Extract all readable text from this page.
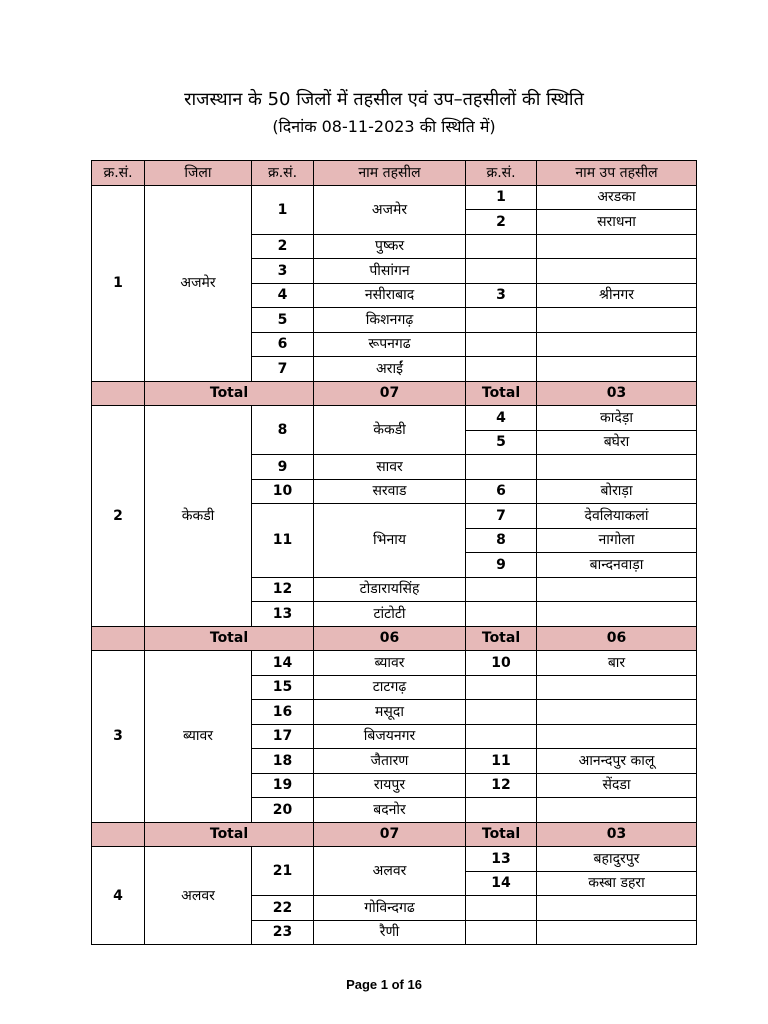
राजस्थान के 50 जिलों में तहसील एवं उप–तहसीलों की स्थिति
(दिनांक 08-11-2023 की स्थिति में)
क्र.सं.	जिला	क्र.सं.	नाम तहसील	क्र.सं.	नाम उप तहसील
1	अजमेर	1	अजमेर	1	अरडका
				2	सराधना
		2	पुष्कर		
		3	पीसांगन		
		4	नसीराबाद	3	श्रीनगर
		5	किशनगढ़		
		6	रूपनगढ		
		7	अराईं		
	Total		07	Total	03
2	केकडी	8	केकडी	4	कादेड़ा
				5	बघेरा
		9	सावर		
		10	सरवाड	6	बोराड़ा
		11	भिनाय	7	देवलियाकलां
				8	नागोला
				9	बान्दनवाड़ा
		12	टोडारायसिंह		
		13	टांटोटी		
	Total		06	Total	06
3	ब्यावर	14	ब्यावर	10	बार
		15	टाटगढ़		
		16	मसूदा		
		17	बिजयनगर		
		18	जैतारण	11	आनन्दपुर कालू
		19	रायपुर	12	सेंदडा
		20	बदनोर		
	Total		07	Total	03
4	अलवर	21	अलवर	13	बहादुरपुर
				14	कस्बा डहरा
		22	गोविन्दगढ		
		23	रैणी		
Page 1 of 16
